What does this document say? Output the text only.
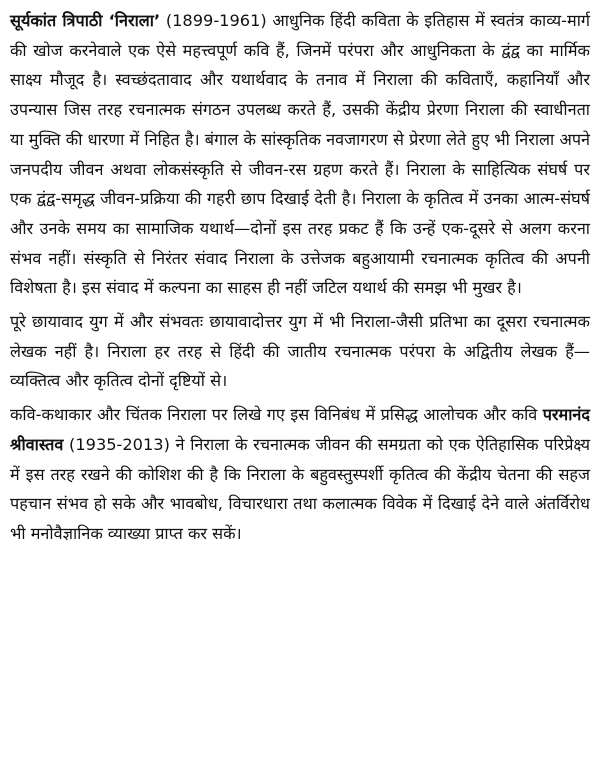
सूर्यकांत त्रिपाठी ‘निराला’ (1899-1961) आधुनिक हिंदी कविता के इतिहास में स्वतंत्र काव्य-मार्ग की खोज करनेवाले एक ऐसे महत्त्वपूर्ण कवि हैं, जिनमें परंपरा और आधुनिकता के द्वंद्व का मार्मिक साक्ष्य मौजूद है। स्वच्छंदतावाद और यथार्थवाद के तनाव में निराला की कविताएँ, कहानियाँ और उपन्यास जिस तरह रचनात्मक संगठन उपलब्ध करते हैं, उसकी केंद्रीय प्रेरणा निराला की स्वाधीनता या मुक्ति की धारणा में निहित है। बंगाल के सांस्कृतिक नवजागरण से प्रेरणा लेते हुए भी निराला अपने जनपदीय जीवन अथवा लोकसंस्कृति से जीवन-रस ग्रहण करते हैं। निराला के साहित्यिक संघर्ष पर एक द्वंद्व-समृद्ध जीवन-प्रक्रिया की गहरी छाप दिखाई देती है। निराला के कृतित्व में उनका आत्म-संघर्ष और उनके समय का सामाजिक यथार्थ—दोनों इस तरह प्रकट हैं कि उन्हें एक-दूसरे से अलग करना संभव नहीं। संस्कृति से निरंतर संवाद निराला के उत्तेजक बहुआयामी रचनात्मक कृतित्व की अपनी विशेषता है। इस संवाद में कल्पना का साहस ही नहीं जटिल यथार्थ की समझ भी मुखर है।

पूरे छायावाद युग में और संभवतः छायावादोत्तर युग में भी निराला-जैसी प्रतिभा का दूसरा रचनात्मक लेखक नहीं है। निराला हर तरह से हिंदी की जातीय रचनात्मक परंपरा के अद्वितीय लेखक हैं—व्यक्तित्व और कृतित्व दोनों दृष्टियों से।

कवि-कथाकार और चिंतक निराला पर लिखे गए इस विनिबंध में प्रसिद्ध आलोचक और कवि परमानंद श्रीवास्तव (1935-2013) ने निराला के रचनात्मक जीवन की समग्रता को एक ऐतिहासिक परिप्रेक्ष्य में इस तरह रखने की कोशिश की है कि निराला के बहुवस्तुस्पर्शी कृतित्व की केंद्रीय चेतना की सहज पहचान संभव हो सके और भावबोध, विचारधारा तथा कलात्मक विवेक में दिखाई देने वाले अंतर्विरोध भी मनोवैज्ञानिक व्याख्या प्राप्त कर सकें।
